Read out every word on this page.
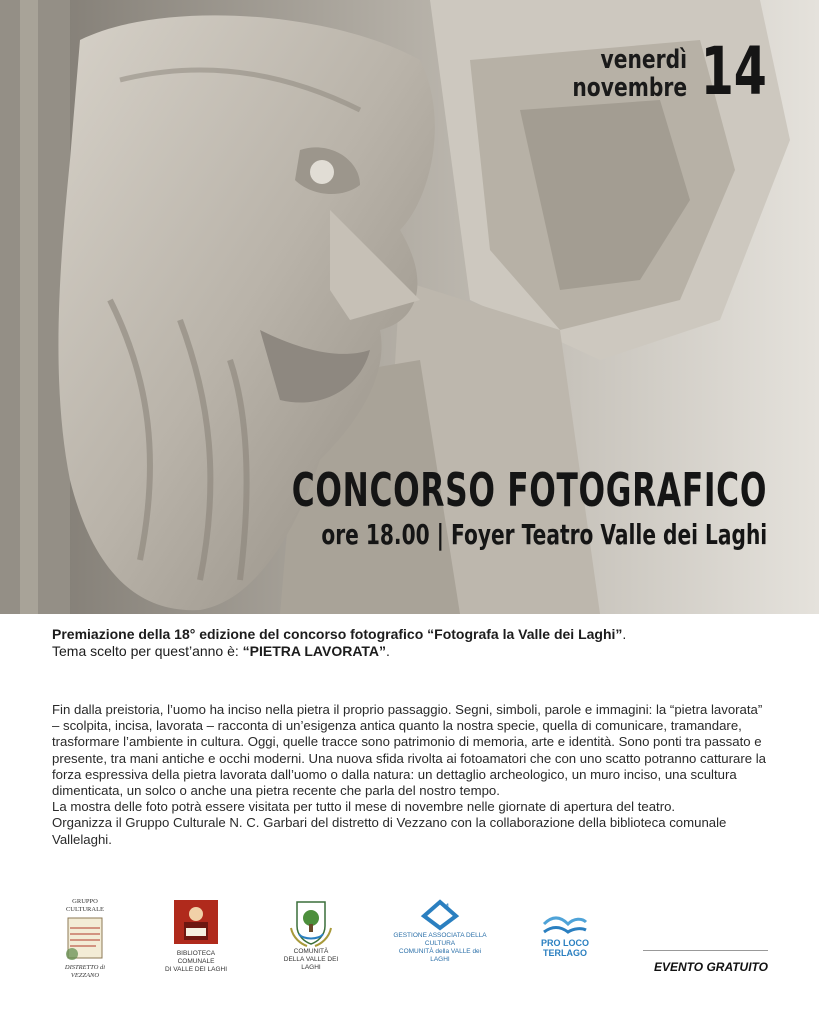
venerdì
novembre 14
CONCORSO FOTOGRAFICO
ore 18.00 | Foyer Teatro Valle dei Laghi
Premiazione della 18° edizione del concorso fotografico “Fotografa la Valle dei Laghi”.
Tema scelto per quest’anno è: “PIETRA LAVORATA”.

Fin dalla preistoria, l’uomo ha inciso nella pietra il proprio passaggio. Segni, simboli, parole e immagini: la “pietra lavorata” – scolpita, incisa, lavorata – racconta di un’esigenza antica quanto la nostra specie, quella di comunicare, tramandare, trasformare l’ambiente in cultura. Oggi, quelle tracce sono patrimonio di memoria, arte e identità. Sono ponti tra passato e presente, tra mani antiche e occhi moderni. Una nuova sfida rivolta ai fotoamatori che con uno scatto potranno catturare la forza espressiva della pietra lavorata dall’uomo o dalla natura: un dettaglio archeologico, un muro inciso, una scultura dimenticata, un solco o anche una pietra recente che parla del nostro tempo.

La mostra delle foto potrà essere visitata per tutto il mese di novembre nelle giornate di apertura del teatro.

Organizza il Gruppo Culturale N. C. Garbari del distretto di Vezzano con la collaborazione della biblioteca comunale Vallelaghi.

GRUPPO CULTURALE
DISTRETTO di VEZZANO
BIBLIOTECA COMUNALE
DI VALLE DEI LAGHI
COMUNITÀ
DELLA VALLE DEI LAGHI
4
GESTIONE ASSOCIATA DELLA CULTURA
COMUNITÀ della VALLE dei LAGHI
PRO LOCO
TERLAGO
EVENTO GRATUITO
